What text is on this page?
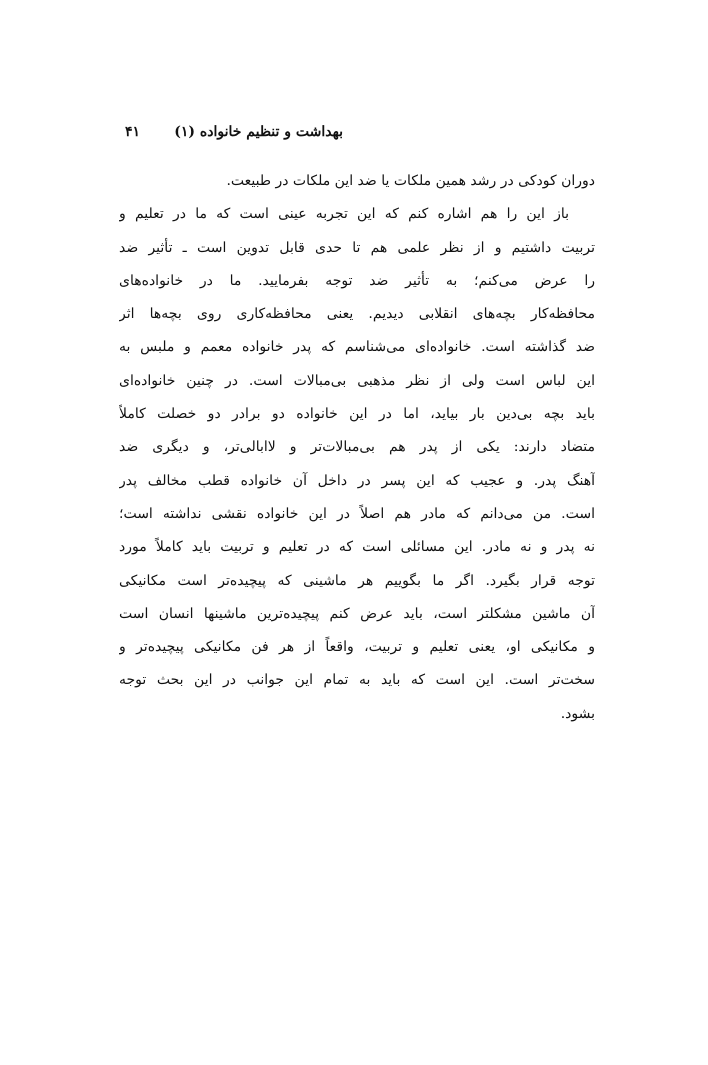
بهداشت و تنظیم خانواده (۱)
۴۱
دوران کودکی در رشد همین ملکات یا ضد این ملکات در طبیعت.
باز این را هم اشاره کنم که این تجربه عینی است که ما در تعلیم و
تربیت داشتیم و از نظر علمی هم تا حدی قابل تدوین است ـ تأثیر ضد
را عرض می‌کنم؛ به تأثیر ضد توجه بفرمایید. ما در خانواده‌های
محافظه‌کار بچه‌های انقلابی دیدیم. یعنی محافظه‌کاری روی بچه‌ها اثر
ضد گذاشته است. خانواده‌ای می‌شناسم که پدر خانواده معمم و ملبس به
این لباس است ولی از نظر مذهبی بی‌مبالات است. در چنین خانواده‌ای
باید بچه بی‌دین بار بیاید، اما در این خانواده دو برادر دو خصلت کاملاً
متضاد دارند: یکی از پدر هم بی‌مبالات‌تر و لاابالی‌تر، و دیگری ضد
آهنگ پدر. و عجیب که این پسر در داخل آن خانواده قطب مخالف پدر
است. من می‌دانم که مادر هم اصلاً در این خانواده نقشی نداشته است؛
نه پدر و نه مادر. این مسائلی است که در تعلیم و تربیت باید کاملاً مورد
توجه قرار بگیرد. اگر ما بگوییم هر ماشینی که پیچیده‌تر است مکانیکی
آن ماشین مشکلتر است، باید عرض کنم پیچیده‌ترین ماشینها انسان است
و مکانیکی او، یعنی تعلیم و تربیت، واقعاً از هر فن مکانیکی پیچیده‌تر و
سخت‌تر است. این است که باید به تمام این جوانب در این بحث توجه
بشود.
